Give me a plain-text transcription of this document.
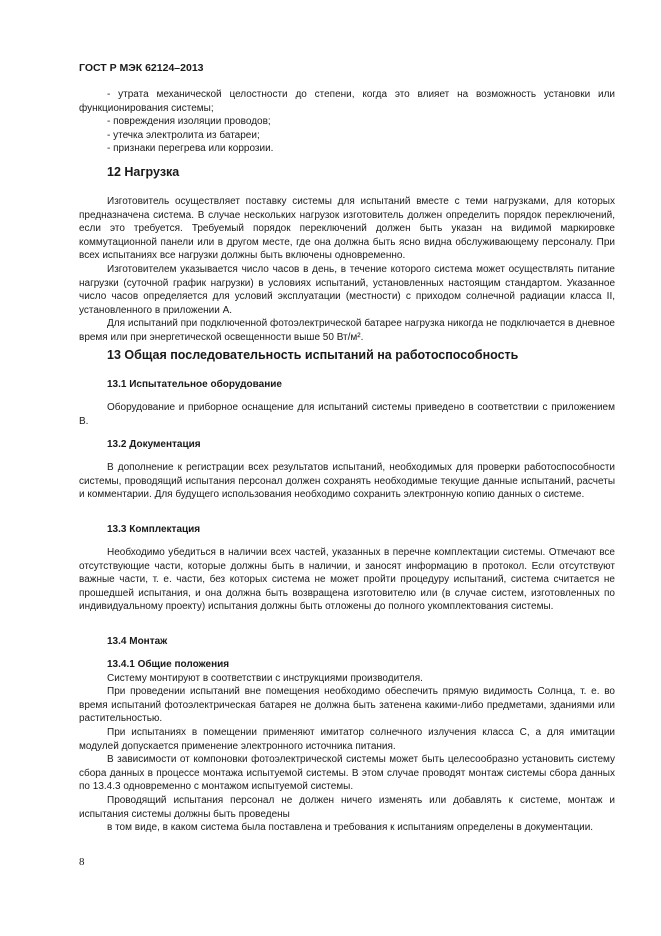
ГОСТ Р МЭК 62124–2013

- утрата механической целостности до степени, когда это влияет на возможность установки или функционирования системы;

- повреждения изоляции проводов;

- утечка электролита из батареи;

- признаки перегрева или коррозии.

12 Нагрузка

Изготовитель осуществляет поставку системы для испытаний вместе с теми нагрузками, для которых предназначена система. В случае нескольких нагрузок изготовитель должен определить порядок переключений, если это требуется. Требуемый порядок переключений должен быть указан на видимой маркировке коммутационной панели или в другом месте, где она должна быть ясно видна обслуживающему персоналу. При всех испытаниях все нагрузки должны быть включены одновременно.

Изготовителем указывается число часов в день, в течение которого система может осуществлять питание нагрузки (суточной график нагрузки) в условиях испытаний, установленных настоящим стандартом. Указанное число часов определяется для условий эксплуатации (местности) с приходом солнечной радиации класса II, установленного в приложении А.

Для испытаний при подключенной фотоэлектрической батарее нагрузка никогда не подключается в дневное время или при энергетической освещенности выше 50 Вт/м².

13 Общая последовательность испытаний на работоспособность
13.1 Испытательное оборудование

Оборудование и приборное оснащение для испытаний системы приведено в соответствии с приложением В.

13.2 Документация

В дополнение к регистрации всех результатов испытаний, необходимых для проверки работоспособности системы, проводящий испытания персонал должен сохранять необходимые текущие данные испытаний, расчеты и комментарии. Для будущего использования необходимо сохранить электронную копию данных о системе.

13.3 Комплектация

Необходимо убедиться в наличии всех частей, указанных в перечне комплектации системы. Отмечают все отсутствующие части, которые должны быть в наличии, и заносят информацию в протокол. Если отсутствуют важные части, т. е. части, без которых система не может пройти процедуру испытаний, система считается не прошедшей испытания, и она должна быть возвращена изготовителю или (в случае систем, изготовленных по индивидуальному проекту) испытания должны быть отложены до полного укомплектования системы.

13.4 Монтаж
13.4.1 Общие положения

Систему монтируют в соответствии с инструкциями производителя.

При проведении испытаний вне помещения необходимо обеспечить прямую видимость Солнца, т. е. во время испытаний фотоэлектрическая батарея не должна быть затенена какими-либо предметами, зданиями или растительностью.

При испытаниях в помещении применяют имитатор солнечного излучения класса С, а для имитации модулей допускается применение электронного источника питания.

В зависимости от компоновки фотоэлектрической системы может быть целесообразно установить систему сбора данных в процессе монтажа испытуемой системы. В этом случае проводят монтаж системы сбора данных по 13.4.3 одновременно с монтажом испытуемой системы.

Проводящий испытания персонал не должен ничего изменять или добавлять к системе, монтаж и испытания системы должны быть проведены

в том виде, в каком система была поставлена и требования к испытаниям определены в документации.

8
